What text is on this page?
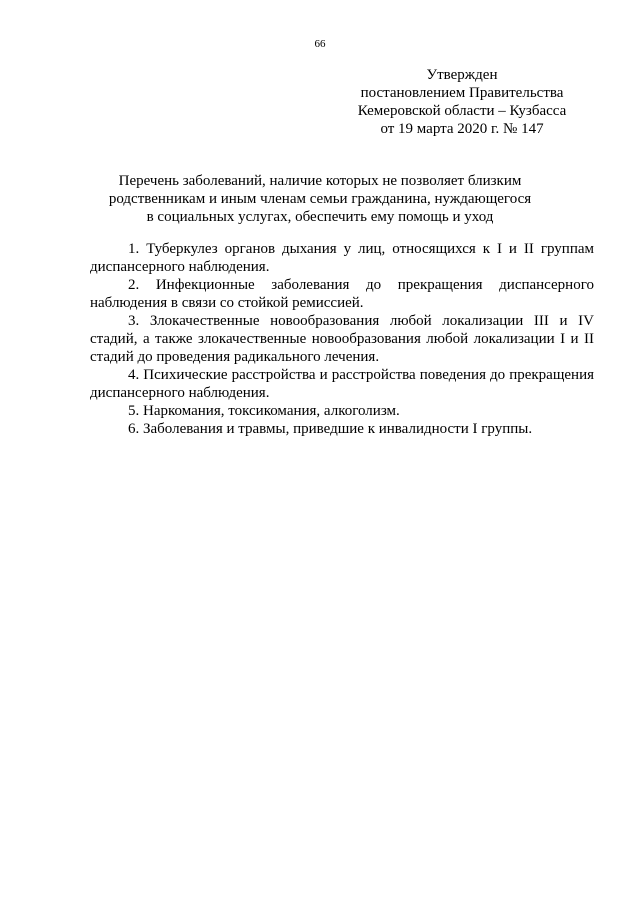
66
Утвержден
постановлением Правительства
Кемеровской области – Кузбасса
от 19 марта 2020 г. № 147
Перечень заболеваний, наличие которых не позволяет близким родственникам и иным членам семьи гражданина, нуждающегося в социальных услугах, обеспечить ему помощь и уход

1. Туберкулез органов дыхания у лиц, относящихся к I и II группам диспансерного наблюдения.

2. Инфекционные заболевания до прекращения диспансерного наблюдения в связи со стойкой ремиссией.

3. Злокачественные новообразования любой локализации III и IV стадий, а также злокачественные новообразования любой локализации I и II стадий до проведения радикального лечения.

4. Психические расстройства и расстройства поведения до прекращения диспансерного наблюдения.

5. Наркомания, токсикомания, алкоголизм.

6. Заболевания и травмы, приведшие к инвалидности I группы.
